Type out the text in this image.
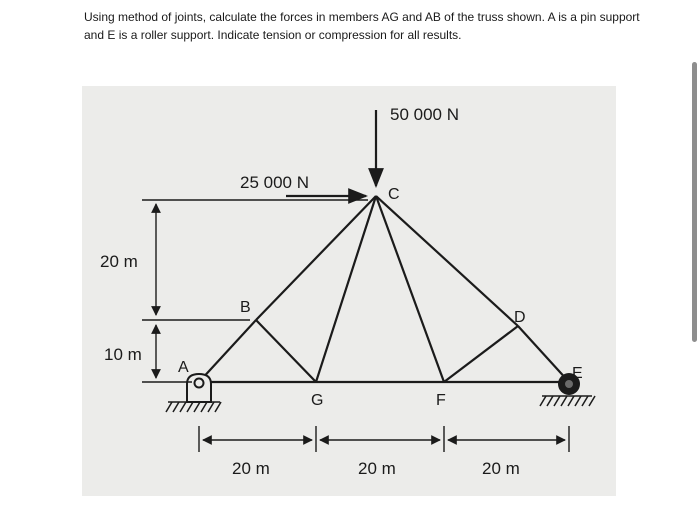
Using method of joints, calculate the forces in members AG and AB of the truss shown. A is a pin support

and E is a roller support. Indicate tension or compression for all results.

50 000 N
25 000 N
A
B
C
D
E
F
G
20 m
10 m
20 m	20 m	20 m
